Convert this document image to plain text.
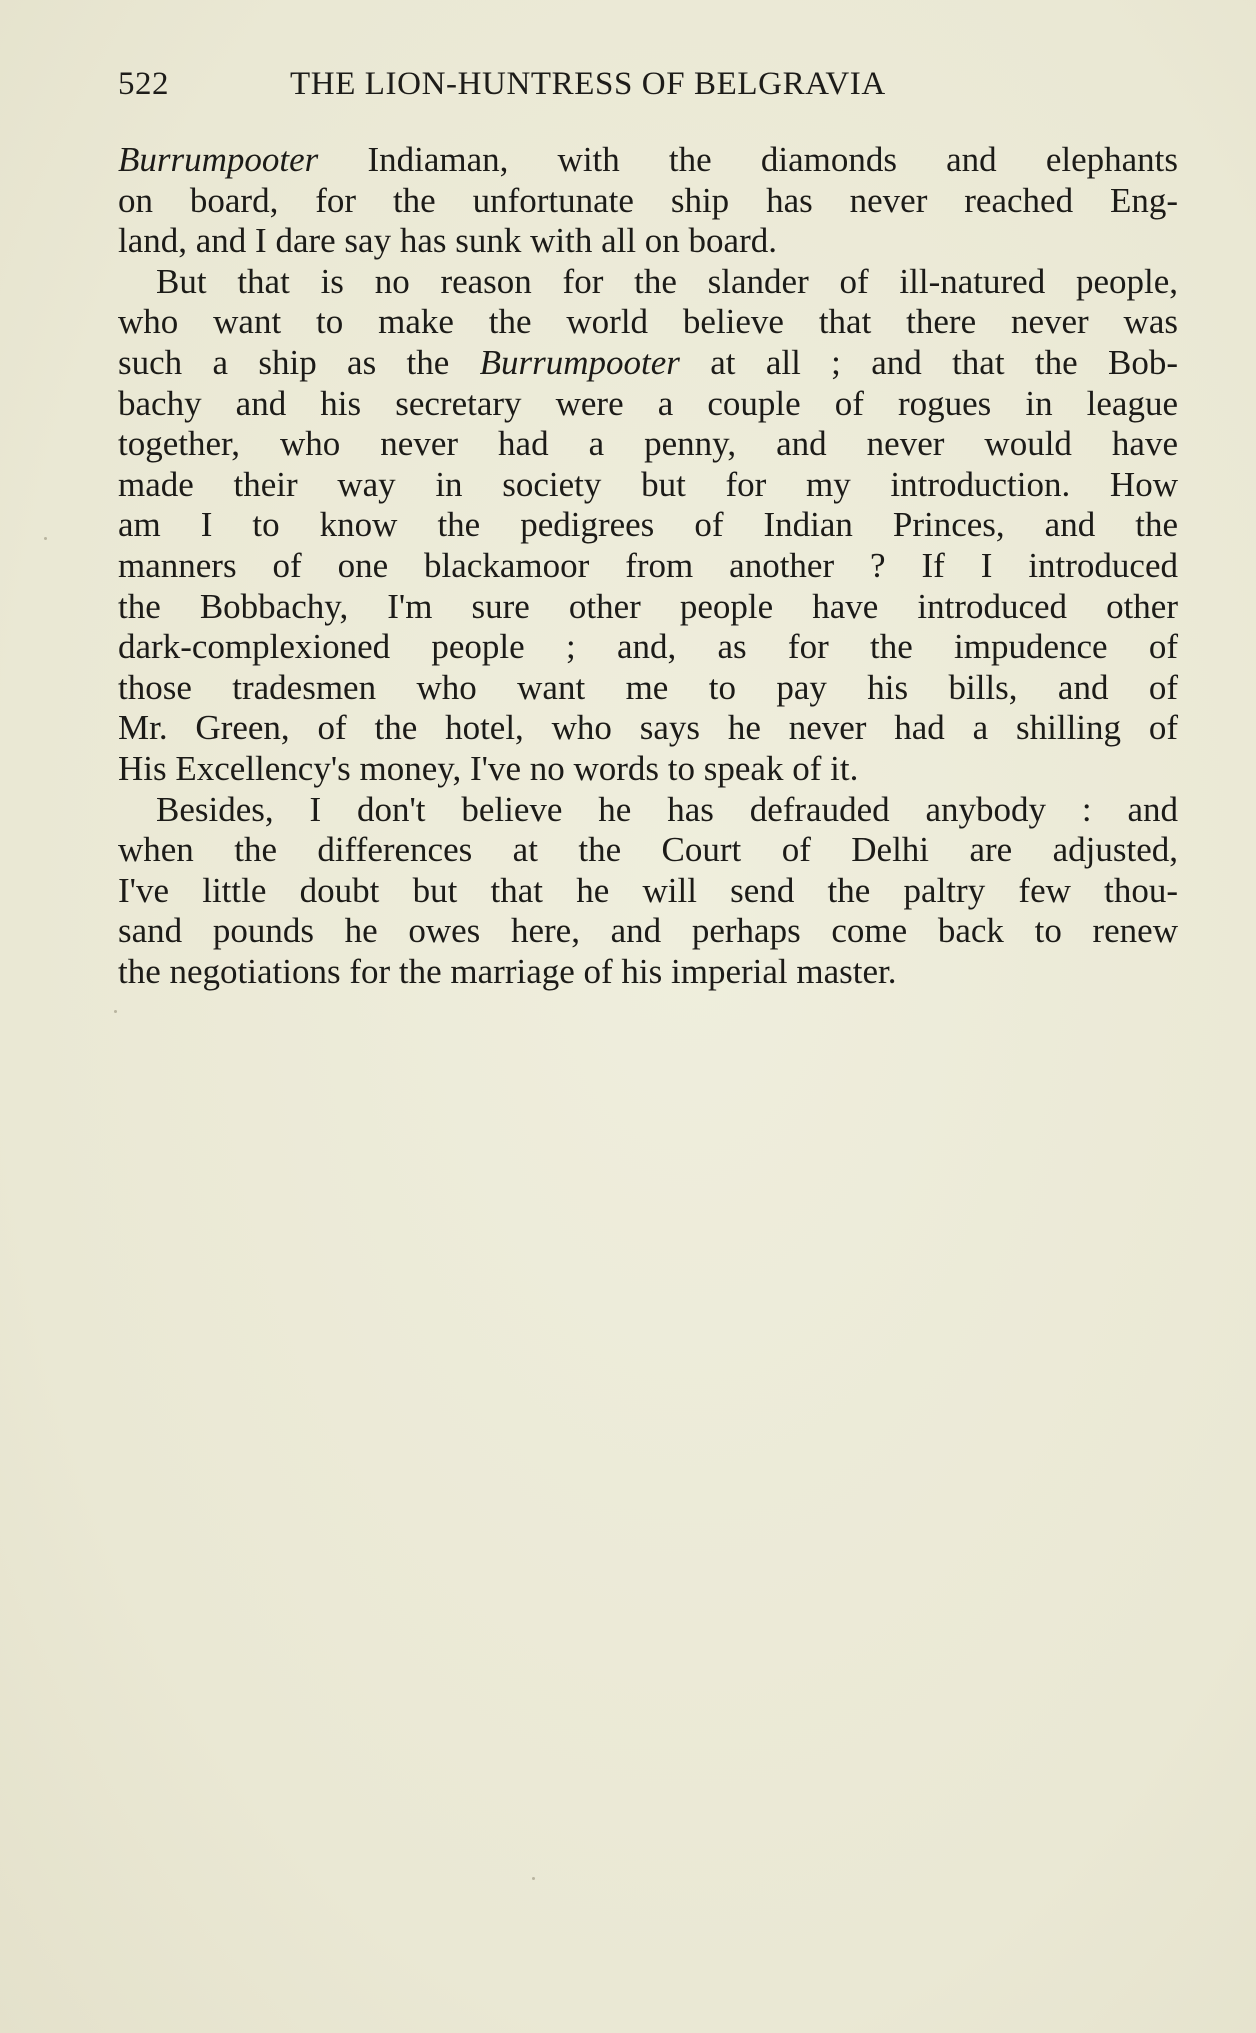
522	THE LION-HUNTRESS OF BELGRAVIA
Burrumpooter Indiaman, with the diamonds and elephants
on board, for the unfortunate ship has never reached Eng-
land, and I dare say has sunk with all on board.
But that is no reason for the slander of ill-natured people,
who want to make the world believe that there never was
such a ship as the Burrumpooter at all ; and that the Bob-
bachy and his secretary were a couple of rogues in league
together, who never had a penny, and never would have
made their way in society but for my introduction. How
am I to know the pedigrees of Indian Princes, and the
manners of one blackamoor from another ? If I introduced
the Bobbachy, I'm sure other people have introduced other
dark-complexioned people ; and, as for the impudence of
those tradesmen who want me to pay his bills, and of
Mr. Green, of the hotel, who says he never had a shilling of
His Excellency's money, I've no words to speak of it.
Besides, I don't believe he has defrauded anybody : and
when the differences at the Court of Delhi are adjusted,
I've little doubt but that he will send the paltry few thou-
sand pounds he owes here, and perhaps come back to renew
the negotiations for the marriage of his imperial master.
